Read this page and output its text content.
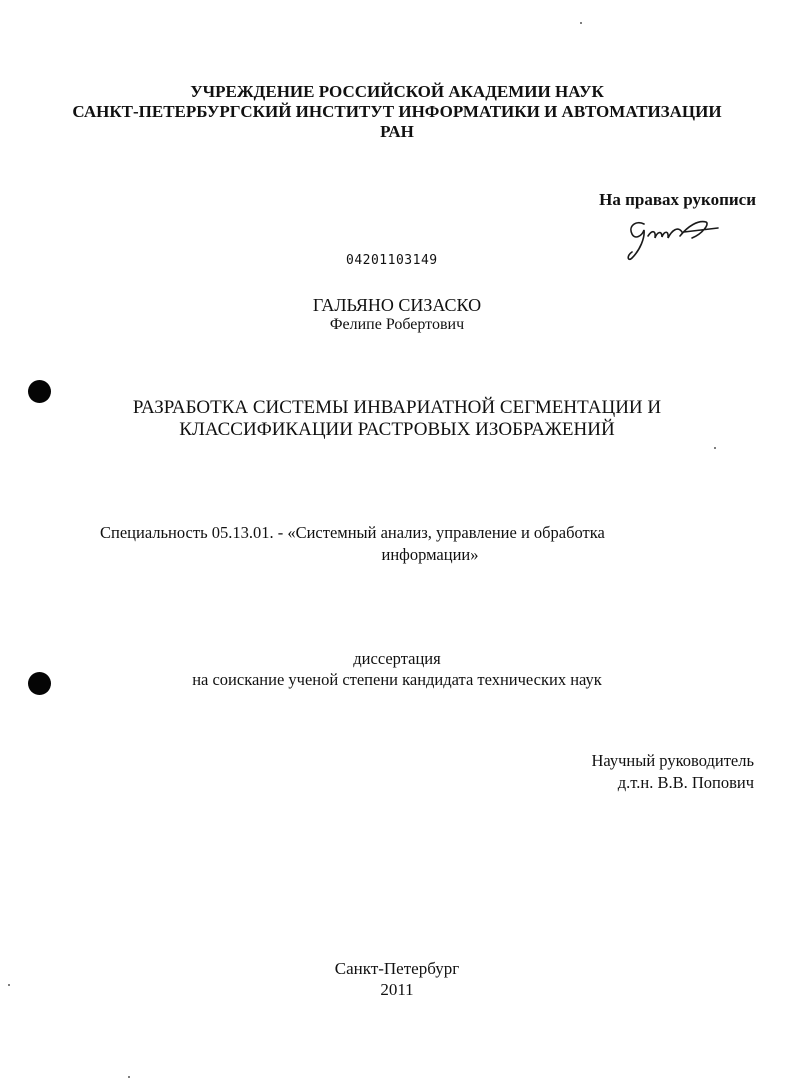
УЧРЕЖДЕНИЕ РОССИЙСКОЙ АКАДЕМИИ НАУК
САНКТ-ПЕТЕРБУРГСКИЙ ИНСТИТУТ ИНФОРМАТИКИ И АВТОМАТИЗАЦИИ
РАН
На правах рукописи
04201103149
ГАЛЬЯНО СИЗАСКО
Фелипе Робертович
РАЗРАБОТКА СИСТЕМЫ ИНВАРИАТНОЙ СЕГМЕНТАЦИИ И
КЛАССИФИКАЦИИ РАСТРОВЫХ ИЗОБРАЖЕНИЙ
Специальность 05.13.01. - «Системный анализ, управление и обработка
информации»
диссертация
на соискание ученой степени кандидата технических наук
Научный руководитель
д.т.н. В.В. Попович
Санкт-Петербург
2011
